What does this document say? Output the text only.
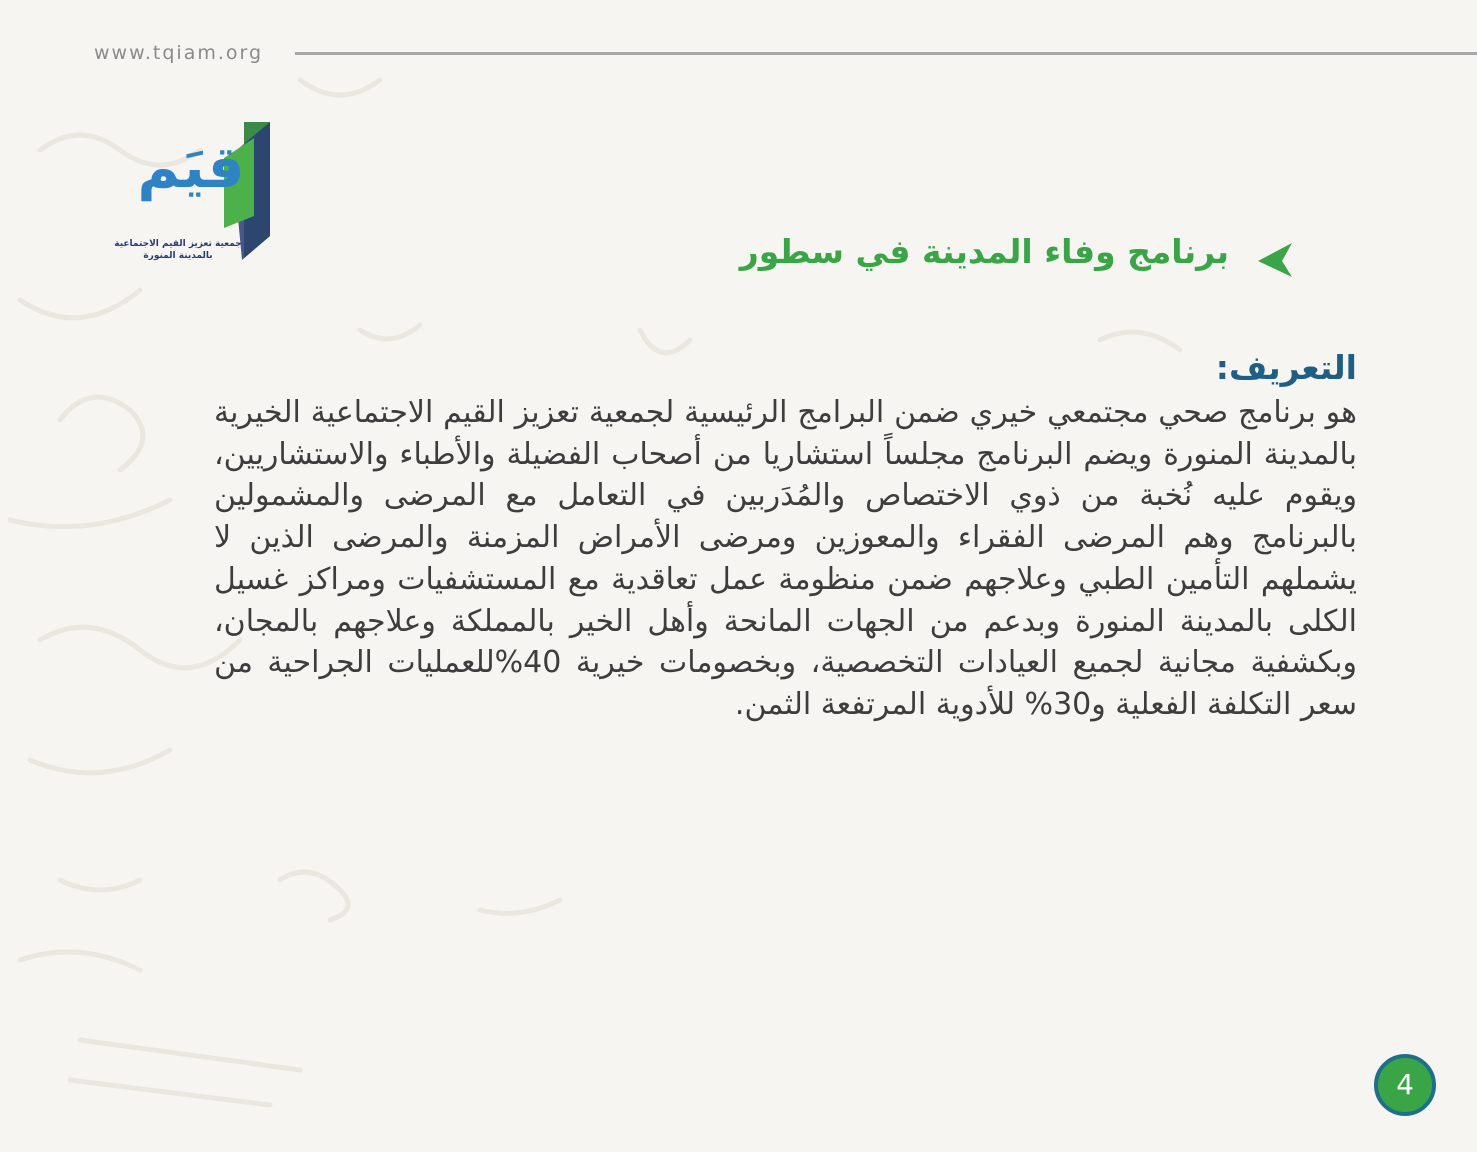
www.tqiam.org
قيَم
جمعية تعزيز القيم الاجتماعية
بالمدينة المنورة	برنامج وفاء المدينة في سطور
التعريف:

هو برنامج صحي مجتمعي خيري ضمن البرامج الرئيسية لجمعية تعزيز القيم الاجتماعية الخيرية بالمدينة المنورة ويضم البرنامج مجلساً استشاريا من أصحاب الفضيلة والأطباء والاستشاريين، ويقوم عليه نُخبة من ذوي الاختصاص والمُدَربين في التعامل مع المرضى والمشمولين بالبرنامج وهم المرضى الفقراء والمعوزين ومرضى الأمراض المزمنة والمرضى الذين لا يشملهم التأمين الطبي وعلاجهم ضمن منظومة عمل تعاقدية مع المستشفيات ومراكز غسيل الكلى بالمدينة المنورة وبدعم من الجهات المانحة وأهل الخير بالمملكة وعلاجهم بالمجان، وبكشفية مجانية لجميع العيادات التخصصية، وبخصومات خيرية 40%للعمليات الجراحية من سعر التكلفة الفعلية و30% للأدوية المرتفعة الثمن.

4
